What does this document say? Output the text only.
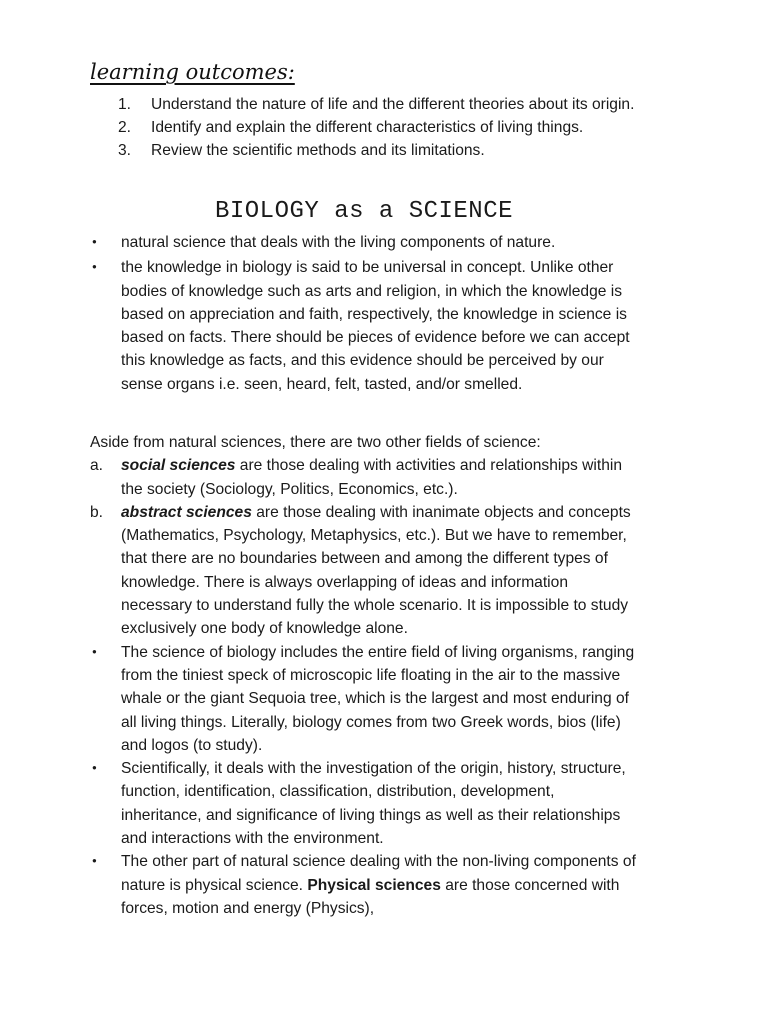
learning outcomes:
1.	Understand the nature of life and the different theories about its origin.
2.	Identify and explain the different characteristics of living things.
3.	Review the scientific methods and its limitations.
BIOLOGY as a SCIENCE
●
natural science that deals with the living components of nature.
●
the knowledge in biology is said to be universal in concept. Unlike other bodies of knowledge such as arts and religion, in which the knowledge is based on appreciation and faith, respectively, the knowledge in science is based on facts. There should be pieces of evidence before we can accept this knowledge as facts, and this evidence should be perceived by our sense organs i.e. seen, heard, felt, tasted, and/or smelled.

Aside from natural sciences, there are two other fields of science:

a.	social sciences are those dealing with activities and relationships within the society (Sociology, Politics, Economics, etc.).
b.	abstract sciences are those dealing with inanimate objects and concepts (Mathematics, Psychology, Metaphysics, etc.). But we have to remember, that there are no boundaries between and among the different types of knowledge. There is always overlapping of ideas and information necessary to understand fully the whole scenario. It is impossible to study exclusively one body of knowledge alone.
●
The science of biology includes the entire field of living organisms, ranging from the tiniest speck of microscopic life floating in the air to the massive whale or the giant Sequoia tree, which is the largest and most enduring of all living things. Literally, biology comes from two Greek words, bios (life) and logos (to study).
●
Scientifically, it deals with the investigation of the origin, history, structure, function, identification, classification, distribution, development, inheritance, and significance of living things as well as their relationships and interactions with the environment.
●
The other part of natural science dealing with the non-living components of nature is physical science. Physical sciences are those concerned with forces, motion and energy (Physics),
